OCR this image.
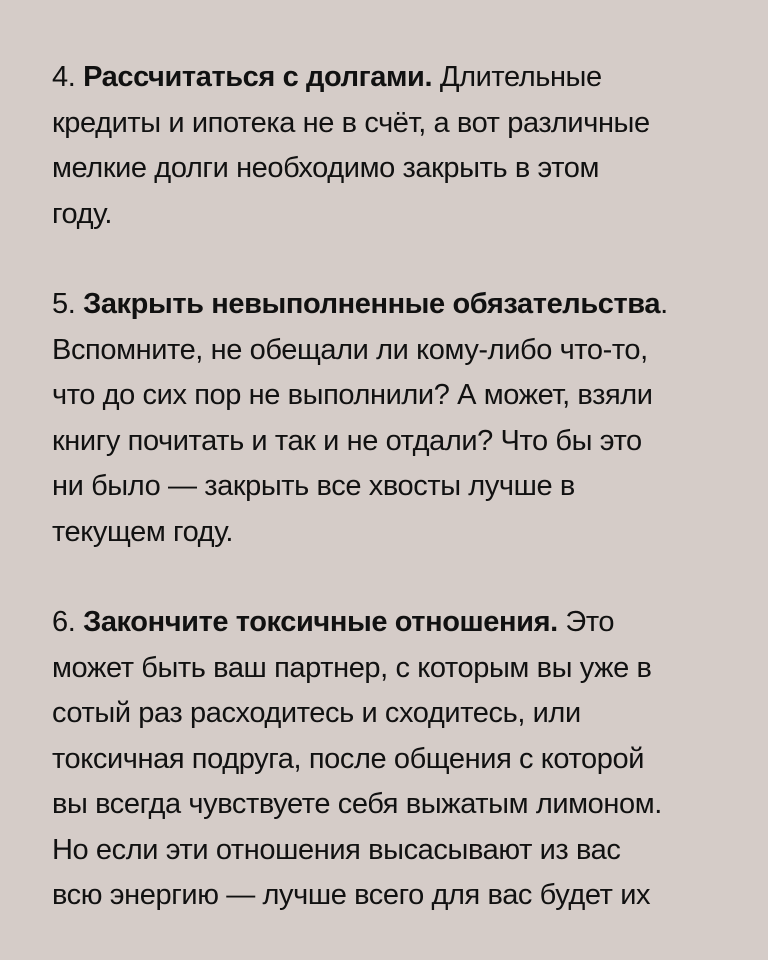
4. Рассчитаться с долгами. Длительные
кредиты и ипотека не в счёт, а вот различные
мелкие долги необходимо закрыть в этом
году.

5. Закрыть невыполненные обязательства.
Вспомните, не обещали ли кому-либо что-то,
что до сих пор не выполнили? А может, взяли
книгу почитать и так и не отдали? Что бы это
ни было — закрыть все хвосты лучше в
текущем году.

6. Закончите токсичные отношения. Это
может быть ваш партнер, с которым вы уже в
сотый раз расходитесь и сходитесь, или
токсичная подруга, после общения с которой
вы всегда чувствуете себя выжатым лимоном.
Но если эти отношения высасывают из вас
всю энергию — лучше всего для вас будет их
